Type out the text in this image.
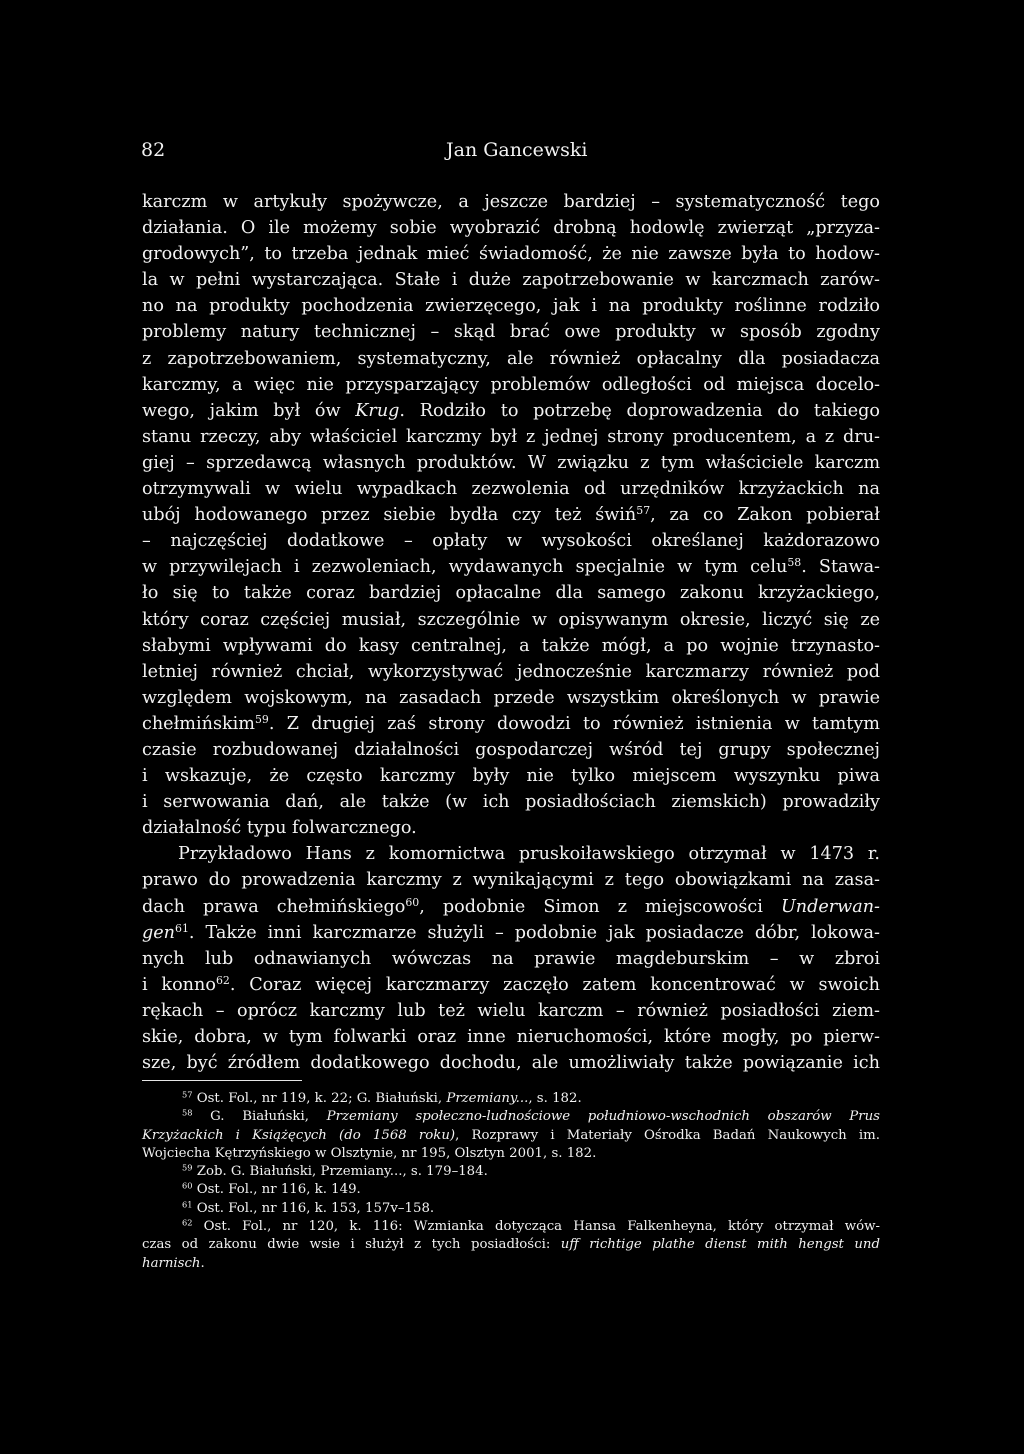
82	Jan Gancewski
karczm w artykuły spożywcze, a jeszcze bardziej – systematyczność tego
działania. O ile możemy sobie wyobrazić drobną hodowlę zwierząt „przyza-
grodowych”, to trzeba jednak mieć świadomość, że nie zawsze była to hodow-
la w pełni wystarczająca. Stałe i duże zapotrzebowanie w karczmach zarów-
no na produkty pochodzenia zwierzęcego, jak i na produkty roślinne rodziło
problemy natury technicznej – skąd brać owe produkty w sposób zgodny
z zapotrzebowaniem, systematyczny, ale również opłacalny dla posiadacza
karczmy, a więc nie przysparzający problemów odległości od miejsca docelo-
wego, jakim był ów Krug. Rodziło to potrzebę doprowadzenia do takiego
stanu rzeczy, aby właściciel karczmy był z jednej strony producentem, a z dru-
giej – sprzedawcą własnych produktów. W związku z tym właściciele karczm
otrzymywali w wielu wypadkach zezwolenia od urzędników krzyżackich na
ubój hodowanego przez siebie bydła czy też świń$^{57}$, za co Zakon pobierał
– najczęściej dodatkowe – opłaty w wysokości określanej każdorazowo
w przywilejach i zezwoleniach, wydawanych specjalnie w tym celu$^{58}$. Stawa-
ło się to także coraz bardziej opłacalne dla samego zakonu krzyżackiego,
który coraz częściej musiał, szczególnie w opisywanym okresie, liczyć się ze
słabymi wpływami do kasy centralnej, a także mógł, a po wojnie trzynasto-
letniej również chciał, wykorzystywać jednocześnie karczmarzy również pod
względem wojskowym, na zasadach przede wszystkim określonych w prawie
chełmińskim$^{59}$. Z drugiej zaś strony dowodzi to również istnienia w tamtym
czasie rozbudowanej działalności gospodarczej wśród tej grupy społecznej
i wskazuje, że często karczmy były nie tylko miejscem wyszynku piwa
i serwowania dań, ale także (w ich posiadłościach ziemskich) prowadziły
działalność typu folwarcznego.
Przykładowo Hans z komornictwa pruskoiławskiego otrzymał w 1473 r.
prawo do prowadzenia karczmy z wynikającymi z tego obowiązkami na zasa-
dach prawa chełmińskiego$^{60}$, podobnie Simon z miejscowości Underwan-
gen$^{61}$. Także inni karczmarze służyli – podobnie jak posiadacze dóbr, lokowa-
nych lub odnawianych wówczas na prawie magdeburskim – w zbroi
i konno$^{62}$. Coraz więcej karczmarzy zaczęło zatem koncentrować w swoich
rękach – oprócz karczmy lub też wielu karczm – również posiadłości ziem-
skie, dobra, w tym folwarki oraz inne nieruchomości, które mogły, po pierw-
sze, być źródłem dodatkowego dochodu, ale umożliwiały także powiązanie ich
$^{57}$ Ost. Fol., nr 119, k. 22; G. Białuński, Przemiany..., s. 182.
$^{58}$ G. Białuński, Przemiany społeczno-ludnościowe południowo-wschodnich obszarów Prus
Krzyżackich i Książęcych (do 1568 roku), Rozprawy i Materiały Ośrodka Badań Naukowych im.
Wojciecha Kętrzyńskiego w Olsztynie, nr 195, Olsztyn 2001, s. 182.
$^{59}$ Zob. G. Białuński, Przemiany..., s. 179–184.
$^{60}$ Ost. Fol., nr 116, k. 149.
$^{61}$ Ost. Fol., nr 116, k. 153, 157v–158.
$^{62}$ Ost. Fol., nr 120, k. 116: Wzmianka dotycząca Hansa Falkenheyna, który otrzymał wów-
czas od zakonu dwie wsie i służył z tych posiadłości: uff richtige plathe dienst mith hengst und
harnisch.
